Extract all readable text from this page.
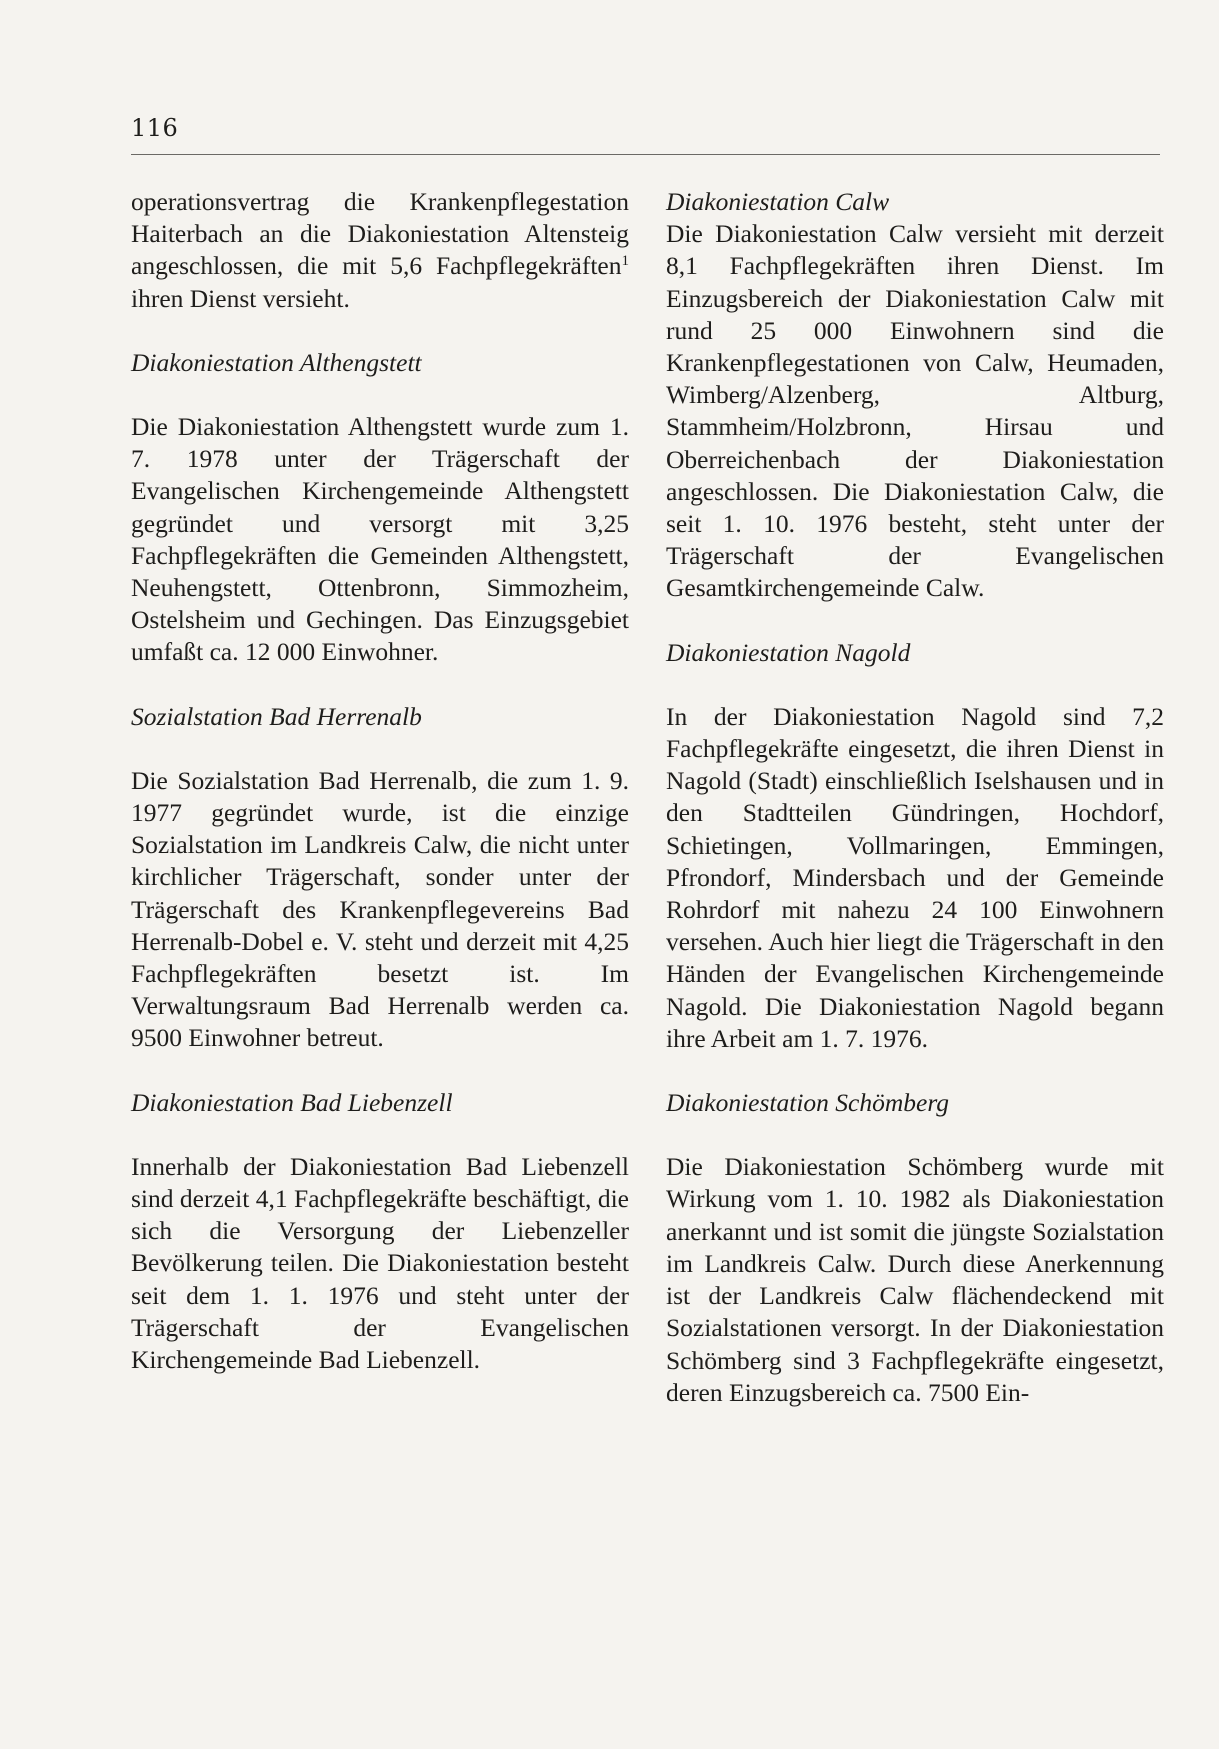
116

operationsvertrag die Krankenpflegestation Haiterbach an die Diakoniestation Altensteig angeschlossen, die mit 5,6 Fachpflegekräften$^1$ ihren Dienst versieht.

Diakoniestation Althengstett

Die Diakoniestation Althengstett wurde zum 1. 7. 1978 unter der Trägerschaft der Evangelischen Kirchengemeinde Althengstett gegründet und versorgt mit 3,25 Fachpflegekräften die Gemeinden Althengstett, Neuhengstett, Ottenbronn, Simmozheim, Ostelsheim und Gechingen. Das Einzugsgebiet umfaßt ca. 12 000 Einwohner.

Sozialstation Bad Herrenalb

Die Sozialstation Bad Herrenalb, die zum 1. 9. 1977 gegründet wurde, ist die einzige Sozialstation im Landkreis Calw, die nicht unter kirchlicher Trägerschaft, sonder unter der Trägerschaft des Krankenpflegevereins Bad Herrenalb-Dobel e. V. steht und derzeit mit 4,25 Fachpflegekräften besetzt ist. Im Verwaltungsraum Bad Herrenalb werden ca. 9500 Einwohner betreut.

Diakoniestation Bad Liebenzell

Innerhalb der Diakoniestation Bad Liebenzell sind derzeit 4,1 Fachpflegekräfte beschäftigt, die sich die Versorgung der Liebenzeller Bevölkerung teilen. Die Diakoniestation besteht seit dem 1. 1. 1976 und steht unter der Trägerschaft der Evangelischen Kirchengemeinde Bad Liebenzell.

Diakoniestation Calw

Die Diakoniestation Calw versieht mit derzeit 8,1 Fachpflegekräften ihren Dienst. Im Einzugsbereich der Diakoniestation Calw mit rund 25 000 Einwohnern sind die Krankenpflegestationen von Calw, Heumaden, Wimberg/Alzenberg, Altburg, Stammheim/Holzbronn, Hirsau und Oberreichenbach der Diakoniestation angeschlossen. Die Diakoniestation Calw, die seit 1. 10. 1976 besteht, steht unter der Trägerschaft der Evangelischen Gesamtkirchengemeinde Calw.

Diakoniestation Nagold

In der Diakoniestation Nagold sind 7,2 Fachpflegekräfte eingesetzt, die ihren Dienst in Nagold (Stadt) einschließlich Iselshausen und in den Stadtteilen Gündringen, Hochdorf, Schietingen, Vollmaringen, Emmingen, Pfrondorf, Mindersbach und der Gemeinde Rohrdorf mit nahezu 24 100 Einwohnern versehen. Auch hier liegt die Trägerschaft in den Händen der Evangelischen Kirchengemeinde Nagold. Die Diakoniestation Nagold begann ihre Arbeit am 1. 7. 1976.

Diakoniestation Schömberg

Die Diakoniestation Schömberg wurde mit Wirkung vom 1. 10. 1982 als Diakoniestation anerkannt und ist somit die jüngste Sozialstation im Landkreis Calw. Durch diese Anerkennung ist der Landkreis Calw flächendeckend mit Sozialstationen versorgt. In der Diakoniestation Schömberg sind 3 Fachpflegekräfte eingesetzt, deren Einzugsbereich ca. 7500 Ein-
